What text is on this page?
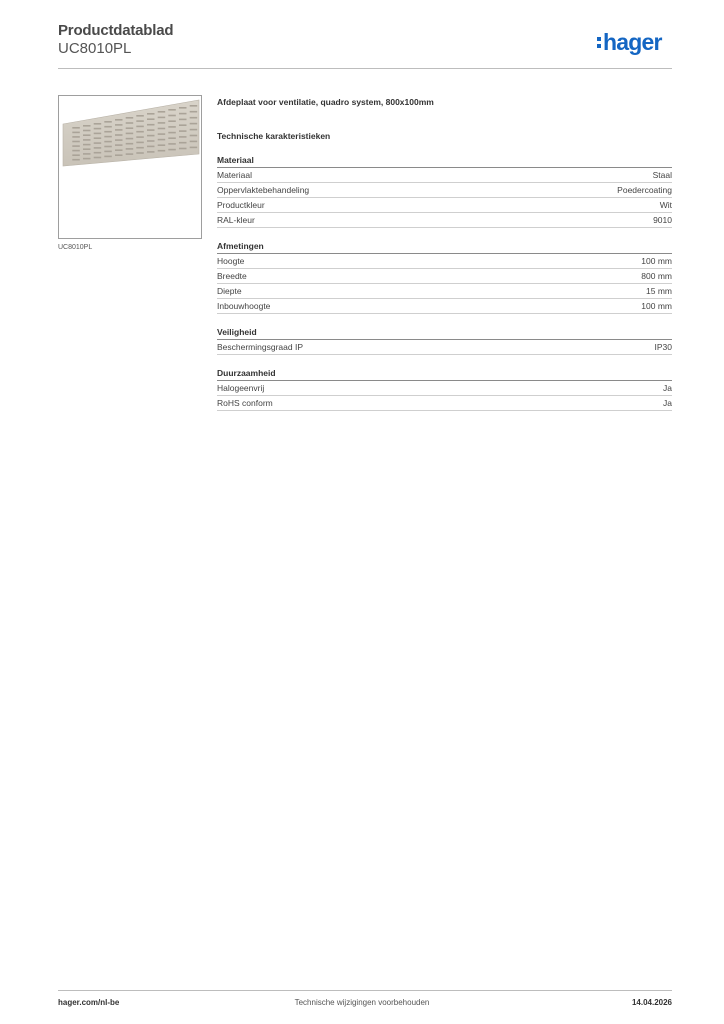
Productdatablad
UC8010PL	hager
UC8010PL
Afdeplaat voor ventilatie, quadro system, 800x100mm
Technische karakteristieken
Materiaal
Materiaal	Staal
Oppervlaktebehandeling	Poedercoating
Productkleur	Wit
RAL-kleur	9010
Afmetingen
Hoogte	100 mm
Breedte	800 mm
Diepte	15 mm
Inbouwhoogte	100 mm
Veiligheid
Beschermingsgraad IP	IP30
Duurzaamheid
Halogeenvrij	Ja
RoHS conform	Ja
hager.com/nl-be	Technische wijzigingen voorbehouden	14.04.2026
